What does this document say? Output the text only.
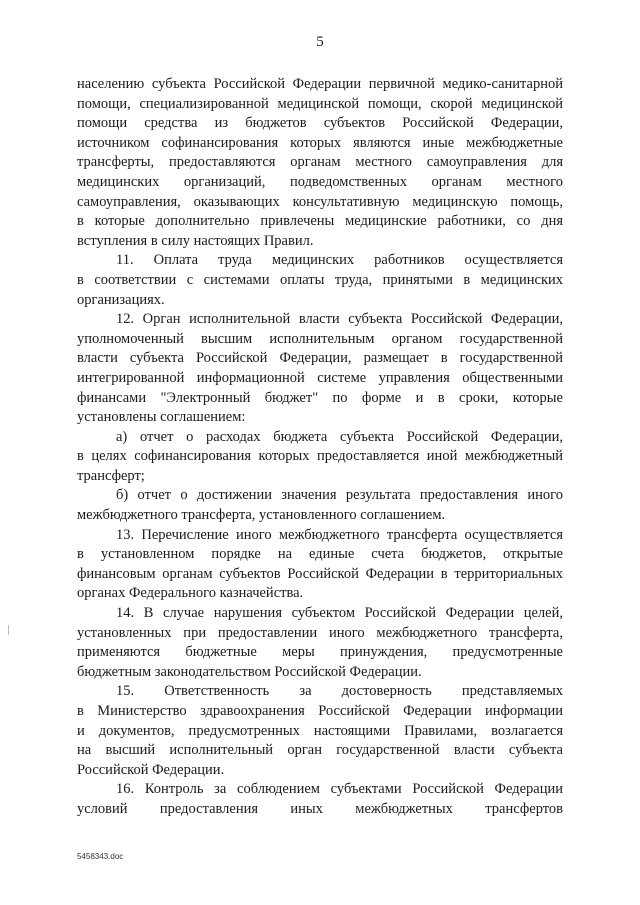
5
населению субъекта Российской Федерации первичной медико-санитарной
помощи, специализированной медицинской помощи, скорой медицинской
помощи средства из бюджетов субъектов Российской Федерации,
источником софинансирования которых являются иные межбюджетные
трансферты, предоставляются органам местного самоуправления для
медицинских организаций, подведомственных органам местного
самоуправления, оказывающих консультативную медицинскую помощь,
в которые дополнительно привлечены медицинские работники, со дня
вступления в силу настоящих Правил.
11. Оплата труда медицинских работников осуществляется
в соответствии с системами оплаты труда, принятыми в медицинских
организациях.
12. Орган исполнительной власти субъекта Российской Федерации,
уполномоченный высшим исполнительным органом государственной
власти субъекта Российской Федерации, размещает в государственной
интегрированной информационной системе управления общественными
финансами "Электронный бюджет" по форме и в сроки, которые
установлены соглашением:
а) отчет о расходах бюджета субъекта Российской Федерации,
в целях софинансирования которых предоставляется иной межбюджетный
трансферт;
б) отчет о достижении значения результата предоставления иного
межбюджетного трансферта, установленного соглашением.
13. Перечисление иного межбюджетного трансферта осуществляется
в установленном порядке на единые счета бюджетов, открытые
финансовым органам субъектов Российской Федерации в территориальных
органах Федерального казначейства.
14. В случае нарушения субъектом Российской Федерации целей,
установленных при предоставлении иного межбюджетного трансферта,
применяются бюджетные меры принуждения, предусмотренные
бюджетным законодательством Российской Федерации.
15. Ответственность за достоверность представляемых
в Министерство здравоохранения Российской Федерации информации
и документов, предусмотренных настоящими Правилами, возлагается
на высший исполнительный орган государственной власти субъекта
Российской Федерации.
16. Контроль за соблюдением субъектами Российской Федерации
условий предоставления иных межбюджетных трансфертов
5458343.doc
